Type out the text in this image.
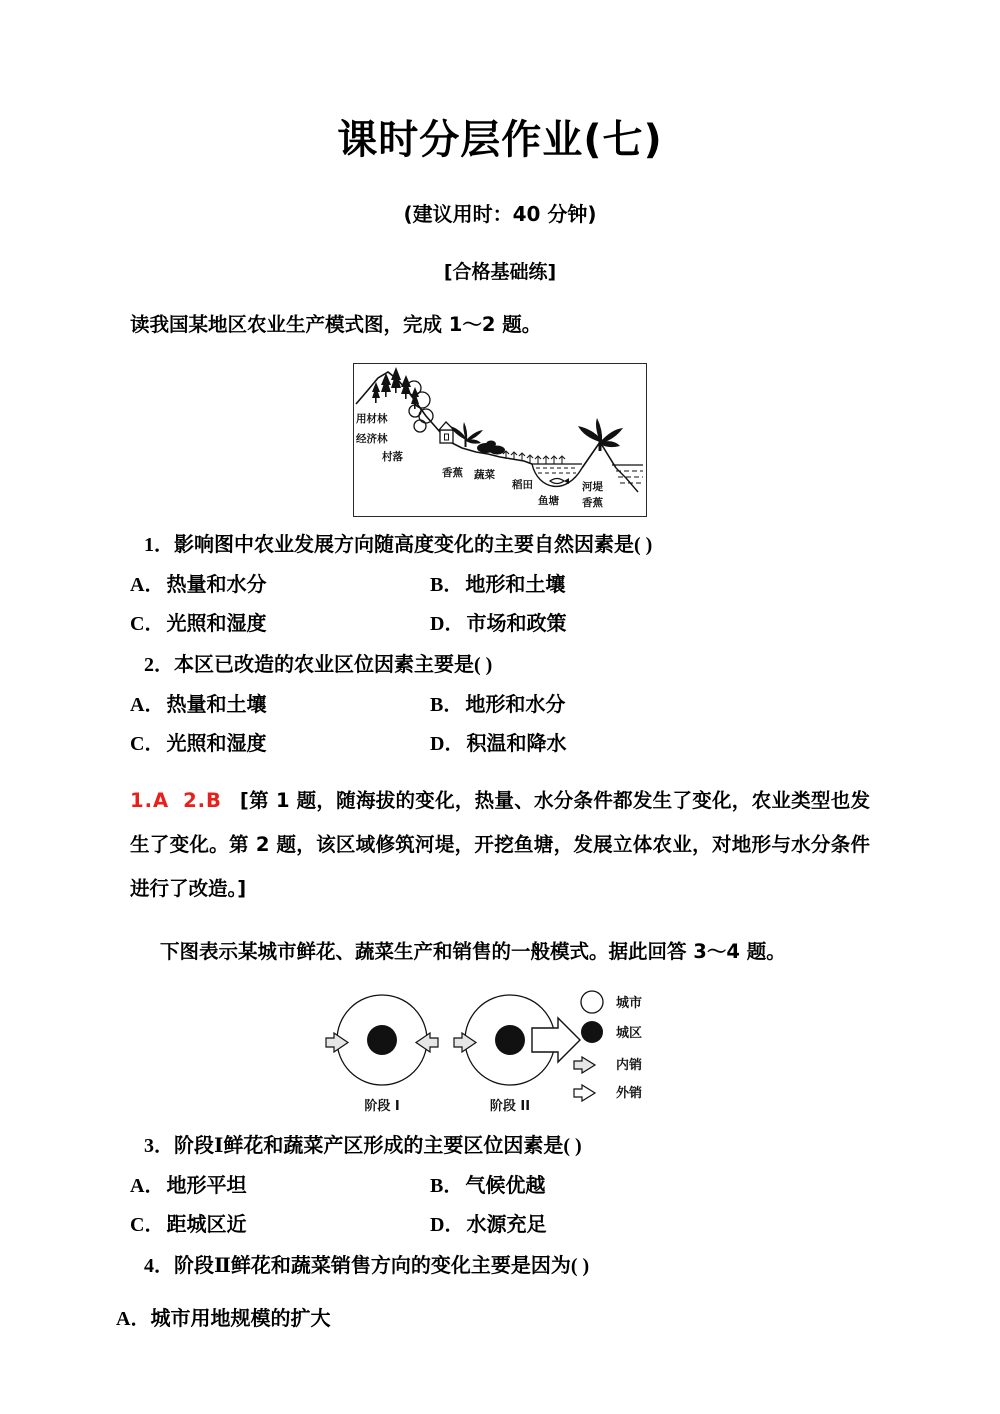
课时分层作业(七)
(建议用时：40 分钟)
[合格基础练]
读我国某地区农业生产模式图，完成 1～2 题。
用材林
经济林
村落
香蕉 蔬菜
稻田
鱼塘
河堤
香蕉
1．影响图中农业发展方向随高度变化的主要自然因素是( )
A． 热量和水分	B． 地形和土壤
C． 光照和湿度	D． 市场和政策
2．本区已改造的农业区位因素主要是( )
A． 热量和土壤	B． 地形和水分
C． 光照和湿度	D． 积温和降水
1.A 2.B [第 1 题，随海拔的变化，热量、水分条件都发生了变化，农业类型也发生了变化。第 2 题，该区域修筑河堤，开挖鱼塘，发展立体农业，对地形与水分条件进行了改造。]
下图表示某城市鲜花、蔬菜生产和销售的一般模式。据此回答 3～4 题。
阶段 I	阶段 II
城市
城区
内销
外销
3．阶段Ⅰ鲜花和蔬菜产区形成的主要区位因素是( )
A． 地形平坦	B． 气候优越
C． 距城区近	D． 水源充足
4．阶段Ⅱ鲜花和蔬菜销售方向的变化主要是因为( )
A．城市用地规模的扩大
